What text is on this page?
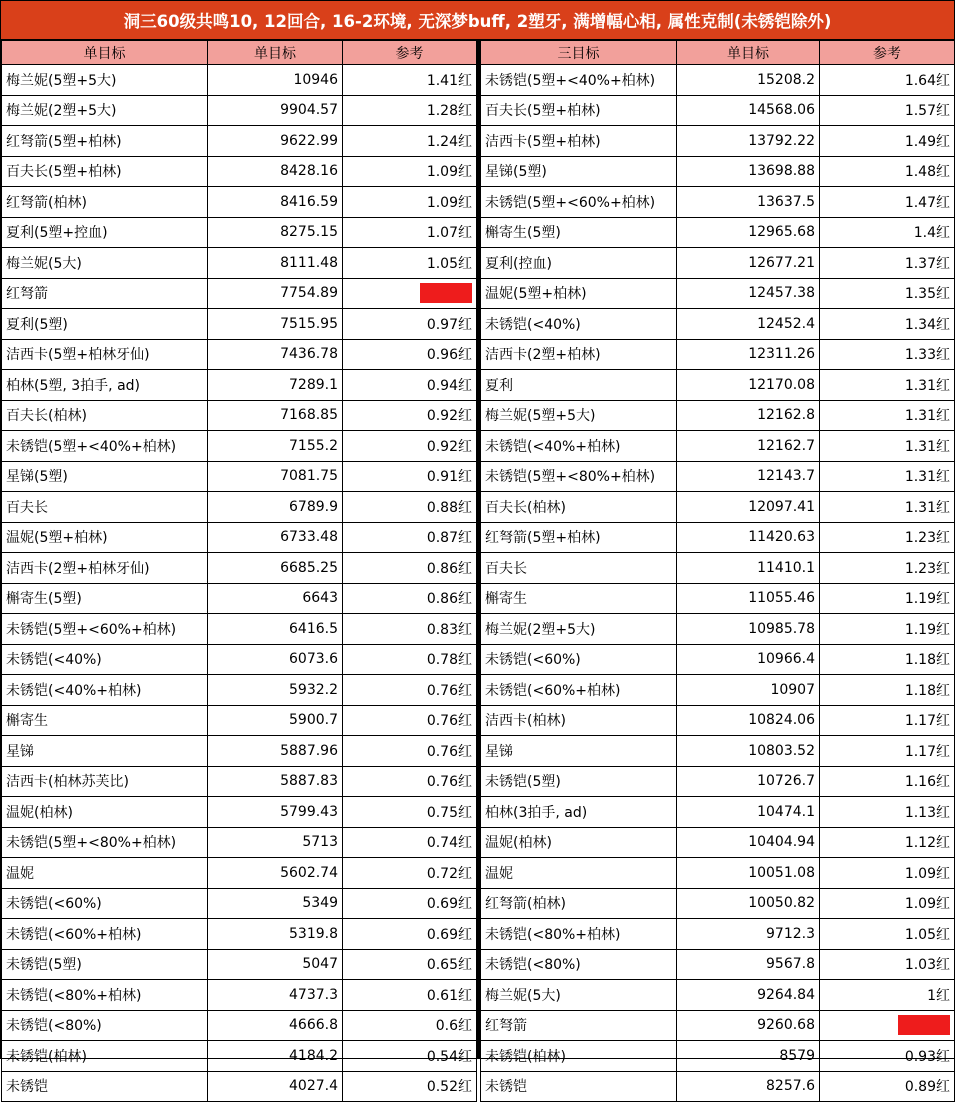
洞三60级共鸣10, 12回合, 16-2环境, 无深梦buff, 2塑牙, 满增幅心相, 属性克制(未锈铠除外)
单目标	单目标	参考
梅兰妮(5塑+5大)	10946	1.41红
梅兰妮(2塑+5大)	9904.57	1.28红
红弩箭(5塑+柏林)	9622.99	1.24红
百夫长(5塑+柏林)	8428.16	1.09红
红弩箭(柏林)	8416.59	1.09红
夏利(5塑+控血)	8275.15	1.07红
梅兰妮(5大)	8111.48	1.05红
红弩箭	7754.89	
夏利(5塑)	7515.95	0.97红
洁西卡(5塑+柏林牙仙)	7436.78	0.96红
柏林(5塑, 3拍手, ad)	7289.1	0.94红
百夫长(柏林)	7168.85	0.92红
未锈铠(5塑+<40%+柏林)	7155.2	0.92红
星锑(5塑)	7081.75	0.91红
百夫长	6789.9	0.88红
温妮(5塑+柏林)	6733.48	0.87红
洁西卡(2塑+柏林牙仙)	6685.25	0.86红
槲寄生(5塑)	6643	0.86红
未锈铠(5塑+<60%+柏林)	6416.5	0.83红
未锈铠(<40%)	6073.6	0.78红
未锈铠(<40%+柏林)	5932.2	0.76红
槲寄生	5900.7	0.76红
星锑	5887.96	0.76红
洁西卡(柏林苏芙比)	5887.83	0.76红
温妮(柏林)	5799.43	0.75红
未锈铠(5塑+<80%+柏林)	5713	0.74红
温妮	5602.74	0.72红
未锈铠(<60%)	5349	0.69红
未锈铠(<60%+柏林)	5319.8	0.69红
未锈铠(5塑)	5047	0.65红
未锈铠(<80%+柏林)	4737.3	0.61红
未锈铠(<80%)	4666.8	0.6红
未锈铠(柏林)	4184.2	0.54红
未锈铠	4027.4	0.52红
三目标	单目标	参考
未锈铠(5塑+<40%+柏林)	15208.2	1.64红
百夫长(5塑+柏林)	14568.06	1.57红
洁西卡(5塑+柏林)	13792.22	1.49红
星锑(5塑)	13698.88	1.48红
未锈铠(5塑+<60%+柏林)	13637.5	1.47红
槲寄生(5塑)	12965.68	1.4红
夏利(控血)	12677.21	1.37红
温妮(5塑+柏林)	12457.38	1.35红
未锈铠(<40%)	12452.4	1.34红
洁西卡(2塑+柏林)	12311.26	1.33红
夏利	12170.08	1.31红
梅兰妮(5塑+5大)	12162.8	1.31红
未锈铠(<40%+柏林)	12162.7	1.31红
未锈铠(5塑+<80%+柏林)	12143.7	1.31红
百夫长(柏林)	12097.41	1.31红
红弩箭(5塑+柏林)	11420.63	1.23红
百夫长	11410.1	1.23红
槲寄生	11055.46	1.19红
梅兰妮(2塑+5大)	10985.78	1.19红
未锈铠(<60%)	10966.4	1.18红
未锈铠(<60%+柏林)	10907	1.18红
洁西卡(柏林)	10824.06	1.17红
星锑	10803.52	1.17红
未锈铠(5塑)	10726.7	1.16红
柏林(3拍手, ad)	10474.1	1.13红
温妮(柏林)	10404.94	1.12红
温妮	10051.08	1.09红
红弩箭(柏林)	10050.82	1.09红
未锈铠(<80%+柏林)	9712.3	1.05红
未锈铠(<80%)	9567.8	1.03红
梅兰妮(5大)	9264.84	1红
红弩箭	9260.68	
未锈铠(柏林)	8579	0.93红
未锈铠	8257.6	0.89红
